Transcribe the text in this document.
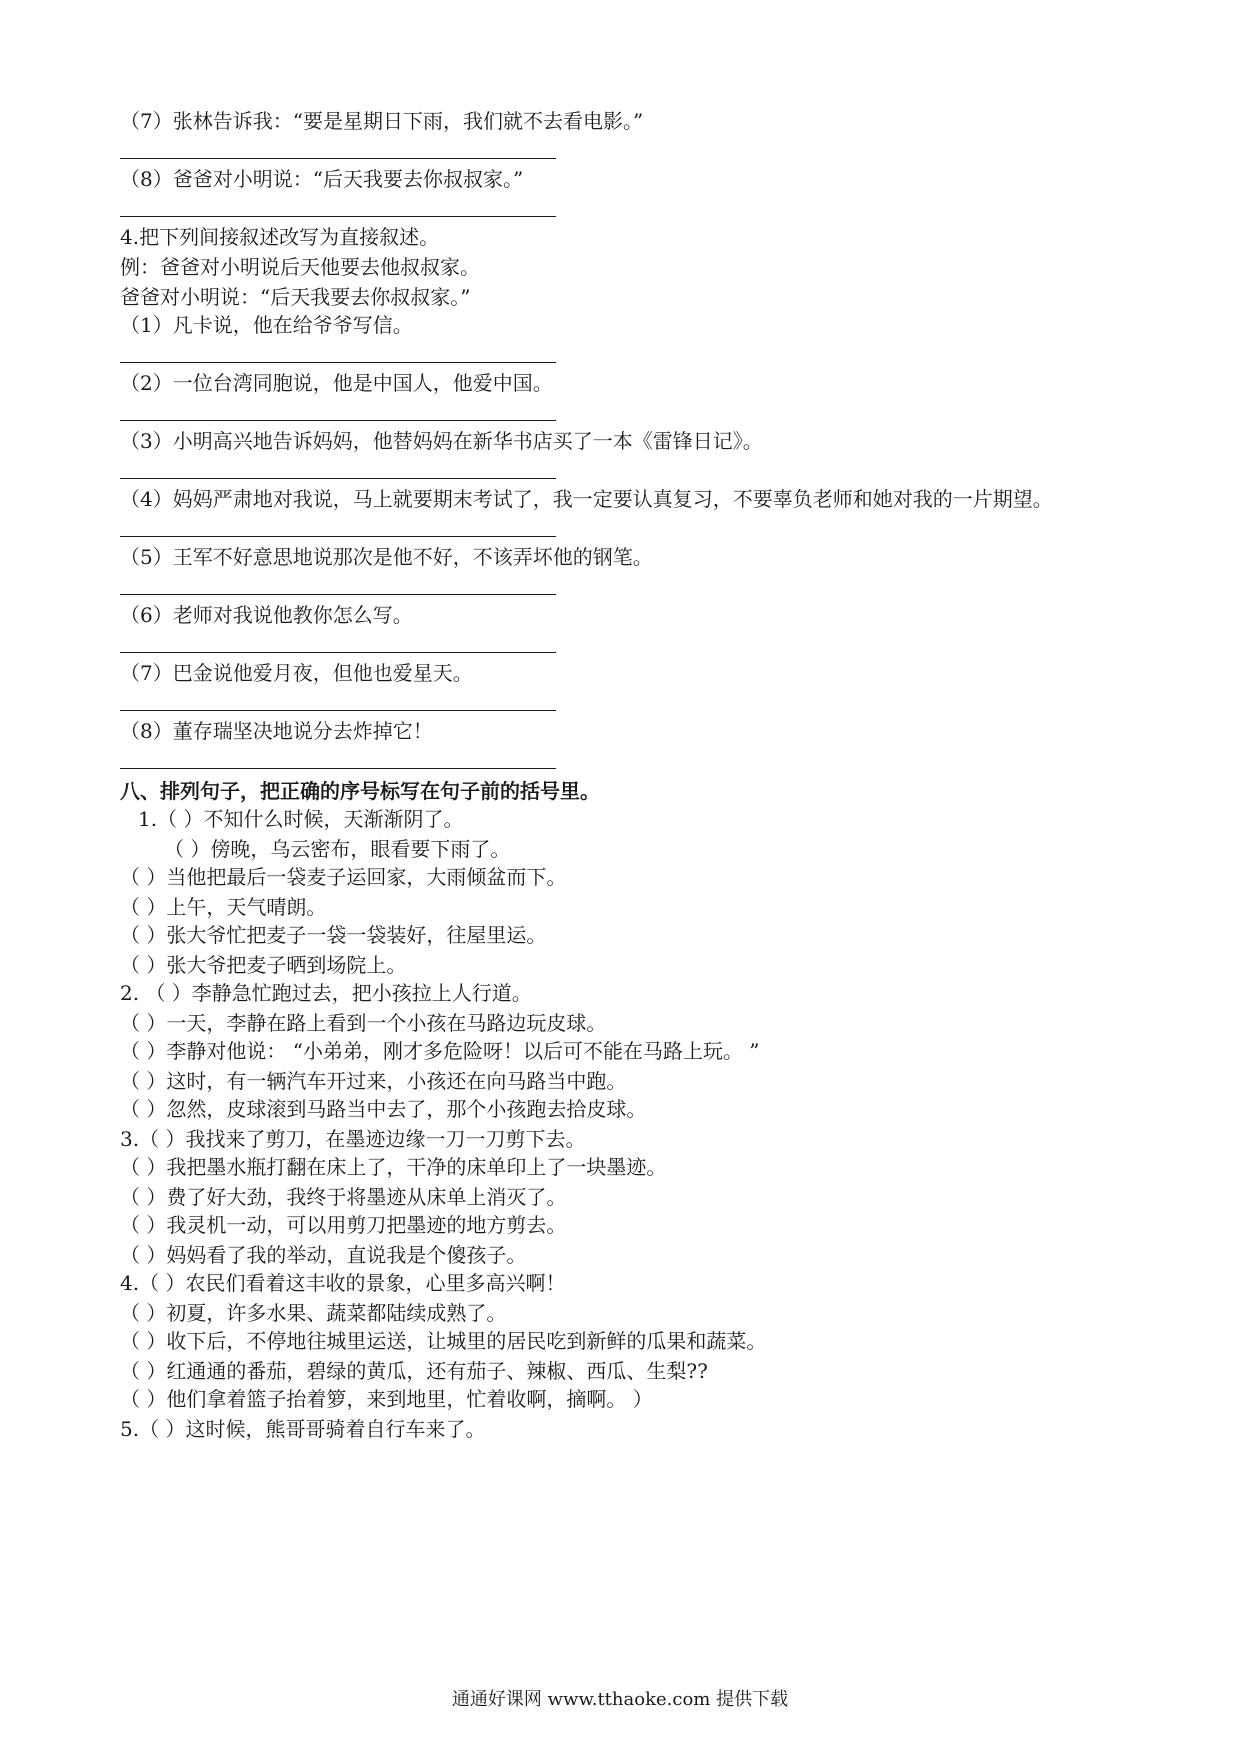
（7）张林告诉我：“要是星期日下雨，我们就不去看电影。”
（8）爸爸对小明说：“后天我要去你叔叔家。”
4.把下列间接叙述改写为直接叙述。
例：爸爸对小明说后天他要去他叔叔家。
爸爸对小明说：“后天我要去你叔叔家。”
（1）凡卡说，他在给爷爷写信。
（2）一位台湾同胞说，他是中国人，他爱中国。
（3）小明高兴地告诉妈妈，他替妈妈在新华书店买了一本《雷锋日记》。
（4）妈妈严肃地对我说，马上就要期末考试了，我一定要认真复习，不要辜负老师和她对我的一片期望。
（5）王军不好意思地说那次是他不好，不该弄坏他的钢笔。
（6）老师对我说他教你怎么写。
（7）巴金说他爱月夜，但他也爱星天。
（8）董存瑞坚决地说分去炸掉它！
八、排列句子，把正确的序号标写在句子前的括号里。
1.（ ）不知什么时候，天渐渐阴了。
（ ）傍晚，乌云密布，眼看要下雨了。
（ ）当他把最后一袋麦子运回家，大雨倾盆而下。
（ ）上午，天气晴朗。
（ ）张大爷忙把麦子一袋一袋装好，往屋里运。
（ ）张大爷把麦子晒到场院上。
2. （ ）李静急忙跑过去，把小孩拉上人行道。
（ ）一天，李静在路上看到一个小孩在马路边玩皮球。
（ ）李静对他说： “小弟弟，刚才多危险呀！以后可不能在马路上玩。 ”
（ ）这时，有一辆汽车开过来，小孩还在向马路当中跑。
（ ）忽然，皮球滚到马路当中去了，那个小孩跑去拾皮球。
3.（ ）我找来了剪刀，在墨迹边缘一刀一刀剪下去。
（ ）我把墨水瓶打翻在床上了，干净的床单印上了一块墨迹。
（ ）费了好大劲，我终于将墨迹从床单上消灭了。
（ ）我灵机一动，可以用剪刀把墨迹的地方剪去。
（ ）妈妈看了我的举动，直说我是个傻孩子。
4.（ ）农民们看着这丰收的景象，心里多高兴啊！
（ ）初夏，许多水果、蔬菜都陆续成熟了。
（ ）收下后，不停地往城里运送，让城里的居民吃到新鲜的瓜果和蔬菜。
（ ）红通通的番茄，碧绿的黄瓜，还有茄子、辣椒、西瓜、生梨??
（ ）他们拿着篮子抬着箩，来到地里，忙着收啊，摘啊。 ）
5.（ ）这时候，熊哥哥骑着自行车来了。
通通好课网 www.tthaoke.com 提供下载
